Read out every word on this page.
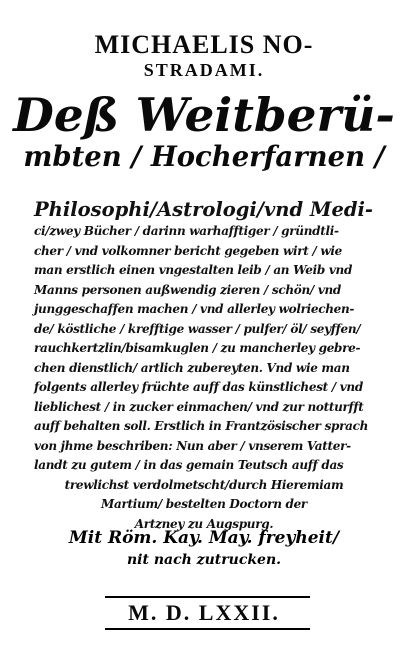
MICHAELIS NO-
STRADAMI.
Deß Weitberü-
mbten / Hocherfarnen /
Philosophi/Astrologi/vnd Medi-
ci/zwey Bücher / darinn warhafftiger / gründtli-
cher / vnd volkomner bericht gegeben wirt / wie
man erstlich einen vngestalten leib / an Weib vnd
Manns personen außwendig zieren / schön/ vnd
junggeschaffen machen / vnd allerley wolriechen-
de/ köstliche / krefftige wasser / pulfer/ öl/ seyffen/
rauchkertzlin/bisamkuglen / zu mancherley gebre-
chen dienstlich/ artlich zubereyten. Vnd wie man
folgents allerley früchte auff das künstlichest / vnd
lieblichest / in zucker einmachen/ vnd zur notturfft
auff behalten soll. Erstlich in Frantzösischer sprach
von jhme beschriben: Nun aber / vnserem Vatter-
landt zu gutem / in das gemain Teutsch auff das
trewlichst verdolmetscht/durch Hieremiam
Martium/ bestelten Doctorn der
Artzney zu Augspurg.
Mit Röm. Kay. May. freyheit/
nit nach zutrucken.
M. D. LXXII.
